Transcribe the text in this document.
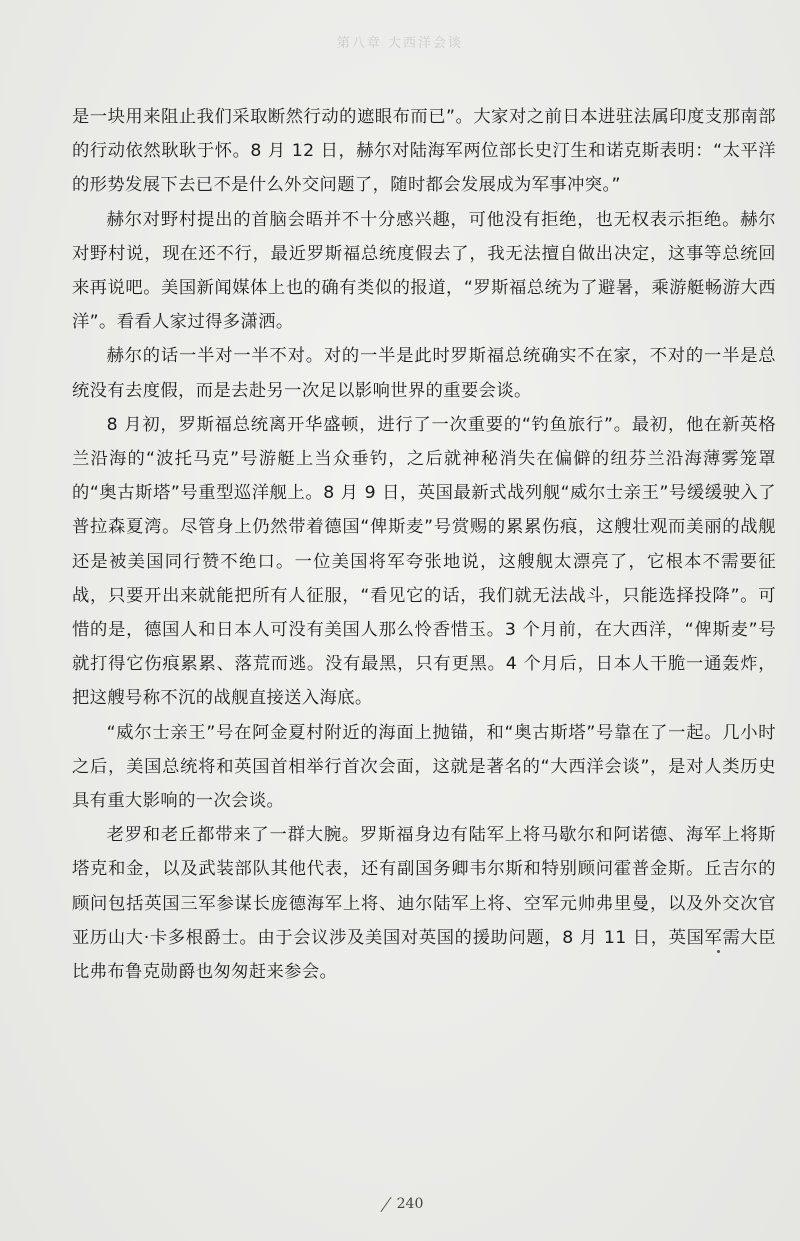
第八章 大西洋会谈

是一块用来阻止我们采取断然行动的遮眼布而已”。大家对之前日本进驻法属印度支那南部的行动依然耿耿于怀。8 月 12 日，赫尔对陆海军两位部长史汀生和诺克斯表明：“太平洋的形势发展下去已不是什么外交问题了，随时都会发展成为军事冲突。”

赫尔对野村提出的首脑会晤并不十分感兴趣，可他没有拒绝，也无权表示拒绝。赫尔对野村说，现在还不行，最近罗斯福总统度假去了，我无法擅自做出决定，这事等总统回来再说吧。美国新闻媒体上也的确有类似的报道，“罗斯福总统为了避暑，乘游艇畅游大西洋”。看看人家过得多潇洒。

赫尔的话一半对一半不对。对的一半是此时罗斯福总统确实不在家，不对的一半是总统没有去度假，而是去赴另一次足以影响世界的重要会谈。

8 月初，罗斯福总统离开华盛顿，进行了一次重要的“钓鱼旅行”。最初，他在新英格兰沿海的“波托马克”号游艇上当众垂钓，之后就神秘消失在偏僻的纽芬兰沿海薄雾笼罩的“奥古斯塔”号重型巡洋舰上。8 月 9 日，英国最新式战列舰“威尔士亲王”号缓缓驶入了普拉森夏湾。尽管身上仍然带着德国“俾斯麦”号赏赐的累累伤痕，这艘壮观而美丽的战舰还是被美国同行赞不绝口。一位美国将军夸张地说，这艘舰太漂亮了，它根本不需要征战，只要开出来就能把所有人征服，“看见它的话，我们就无法战斗，只能选择投降”。可惜的是，德国人和日本人可没有美国人那么怜香惜玉。3 个月前，在大西洋，“俾斯麦”号就打得它伤痕累累、落荒而逃。没有最黑，只有更黑。4 个月后，日本人干脆一通轰炸，把这艘号称不沉的战舰直接送入海底。

“威尔士亲王”号在阿金夏村附近的海面上抛锚，和“奥古斯塔”号靠在了一起。几小时之后，美国总统将和英国首相举行首次会面，这就是著名的“大西洋会谈”，是对人类历史具有重大影响的一次会谈。

老罗和老丘都带来了一群大腕。罗斯福身边有陆军上将马歇尔和阿诺德、海军上将斯塔克和金，以及武装部队其他代表，还有副国务卿韦尔斯和特别顾问霍普金斯。丘吉尔的顾问包括英国三军参谋长庞德海军上将、迪尔陆军上将、空军元帅弗里曼，以及外交次官亚历山大·卡多根爵士。由于会议涉及美国对英国的援助问题，8 月 11 日，英国军需大臣比弗布鲁克勋爵也匆匆赶来参会。

240
